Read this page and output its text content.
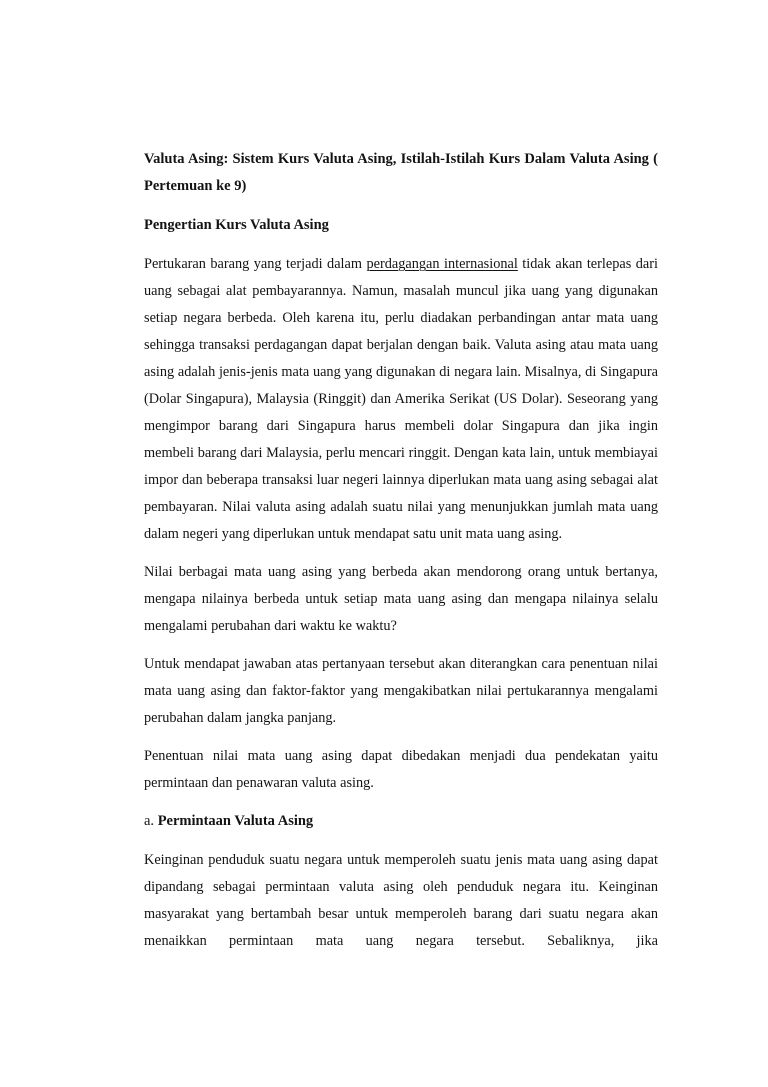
Valuta Asing: Sistem Kurs Valuta Asing, Istilah-Istilah Kurs Dalam Valuta Asing ( Pertemuan ke 9)

Pengertian Kurs Valuta Asing

Pertukaran barang yang terjadi dalam perdagangan internasional tidak akan terlepas dari uang sebagai alat pembayarannya. Namun, masalah muncul jika uang yang digunakan setiap negara berbeda. Oleh karena itu, perlu diadakan perbandingan antar mata uang sehingga transaksi perdagangan dapat berjalan dengan baik. Valuta asing atau mata uang asing adalah jenis-jenis mata uang yang digunakan di negara lain. Misalnya, di Singapura (Dolar Singapura), Malaysia (Ringgit) dan Amerika Serikat (US Dolar). Seseorang yang mengimpor barang dari Singapura harus membeli dolar Singapura dan jika ingin membeli barang dari Malaysia, perlu mencari ringgit. Dengan kata lain, untuk membiayai impor dan beberapa transaksi luar negeri lainnya diperlukan mata uang asing sebagai alat pembayaran. Nilai valuta asing adalah suatu nilai yang menunjukkan jumlah mata uang dalam negeri yang diperlukan untuk mendapat satu unit mata uang asing.

Nilai berbagai mata uang asing yang berbeda akan mendorong orang untuk bertanya, mengapa nilainya berbeda untuk setiap mata uang asing dan mengapa nilainya selalu mengalami perubahan dari waktu ke waktu?

Untuk mendapat jawaban atas pertanyaan tersebut akan diterangkan cara penentuan nilai mata uang asing dan faktor-faktor yang mengakibatkan nilai pertukarannya mengalami perubahan dalam jangka panjang.

Penentuan nilai mata uang asing dapat dibedakan menjadi dua pendekatan yaitu permintaan dan penawaran valuta asing.

a. Permintaan Valuta Asing

Keinginan penduduk suatu negara untuk memperoleh suatu jenis mata uang asing dapat dipandang sebagai permintaan valuta asing oleh penduduk negara itu. Keinginan masyarakat yang bertambah besar untuk memperoleh barang dari suatu negara akan menaikkan permintaan mata uang negara tersebut. Sebaliknya, jika
